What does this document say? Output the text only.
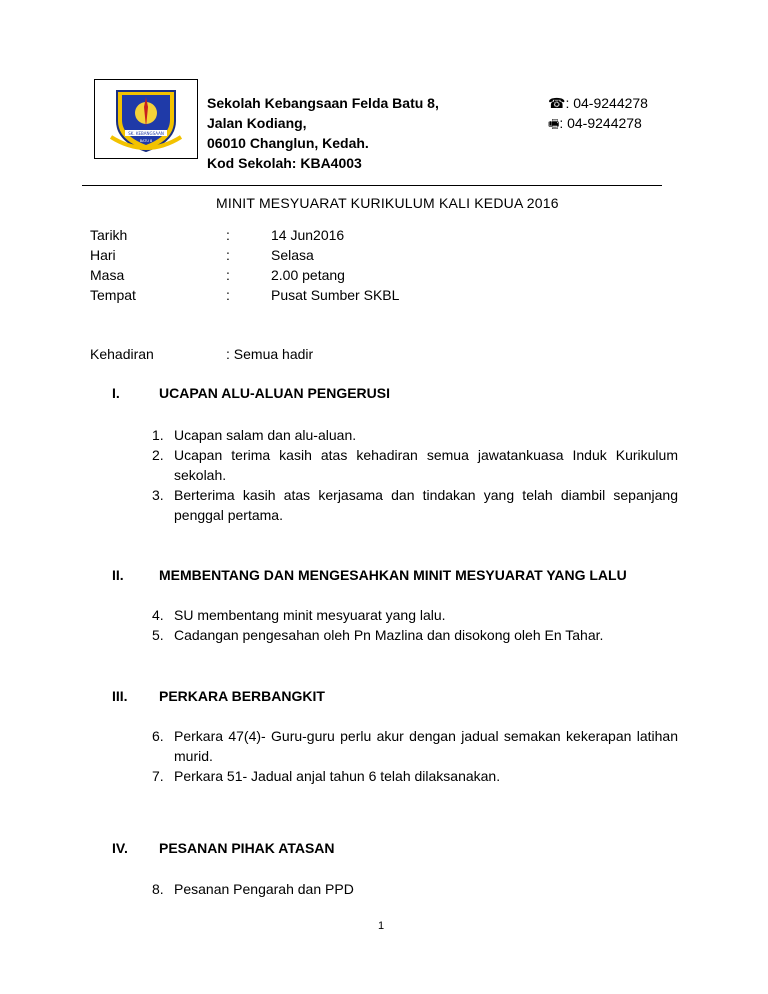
SK. KEBANGSAAN
BATU 8
Sekolah Kebangsaan Felda Batu 8,
Jalan Kodiang,
06010 Changlun, Kedah.
Kod Sekolah: KBA4003
☎: 04-9244278
🖷: 04-9244278
MINIT MESYUARAT KURIKULUM KALI KEDUA 2016
Tarikh	:	14 Jun2016
Hari	:	Selasa
Masa	:	2.00 petang
Tempat	:	Pusat Sumber SKBL
Kehadiran	: Semua hadir
I.	UCAPAN ALU-ALUAN PENGERUSI
1. Ucapan salam dan alu-aluan.
2. Ucapan terima kasih atas kehadiran semua jawatankuasa Induk Kurikulum sekolah.
3. Berterima kasih atas kerjasama dan tindakan yang telah diambil sepanjang penggal pertama.
II.	MEMBENTANG DAN MENGESAHKAN MINIT MESYUARAT YANG LALU
4. SU membentang minit mesyuarat yang lalu.
5. Cadangan pengesahan oleh Pn Mazlina dan disokong oleh En Tahar.
III. PERKARA BERBANGKIT
6. Perkara 47(4)- Guru-guru perlu akur dengan jadual semakan kekerapan latihan murid.
7. Perkara 51- Jadual anjal tahun 6 telah dilaksanakan.
IV. PESANAN PIHAK ATASAN
8. Pesanan Pengarah dan PPD
1
